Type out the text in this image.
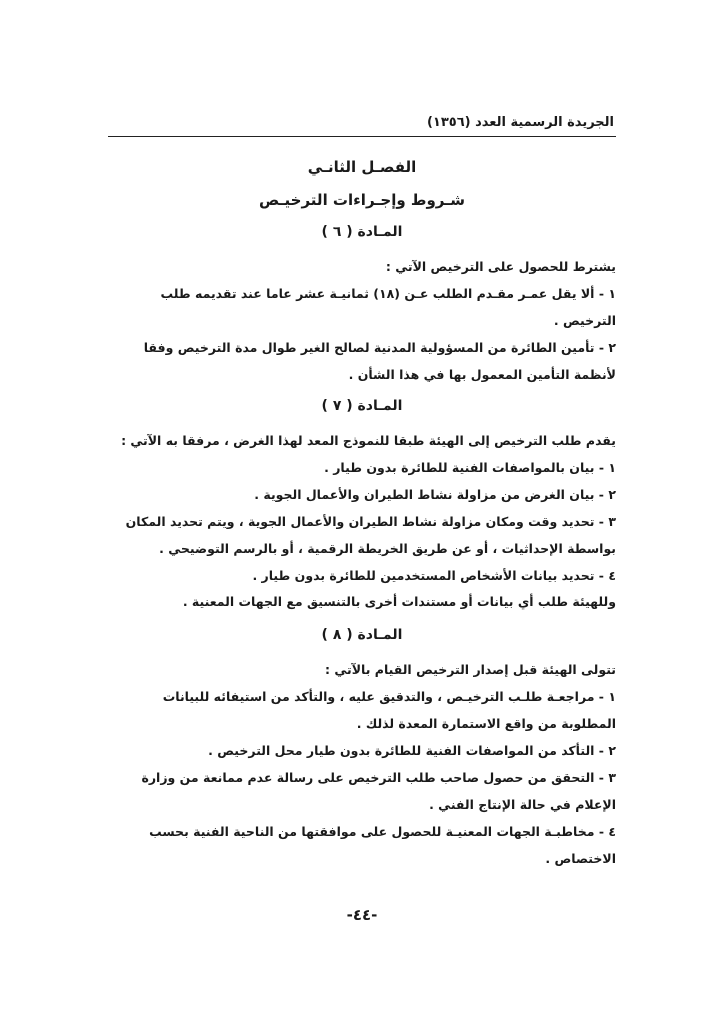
الجريدة الرسمية العدد (١٣٥٦)
الفصـل الثانـي
شـروط وإجـراءات الترخيـص
المـادة ( ٦ )
يشترط للحصول على الترخيص الآتي :
١ - ألا يقل عمـر مقـدم الطلب عـن (١٨) ثمانيـة عشر عاما عند تقديمه طلب الترخيص .
٢ - تأمين الطائرة من المسؤولية المدنية لصالح الغير طوال مدة الترخيص وفقا لأنظمة التأمين المعمول بها في هذا الشأن .
المـادة ( ٧ )
يقدم طلب الترخيص إلى الهيئة طبقا للنموذج المعد لهذا الغرض ، مرفقا به الآتي :
١ - بيان بالمواصفات الفنية للطائرة بدون طيار .
٢ - بيان الغرض من مزاولة نشاط الطيران والأعمال الجوية .
٣ - تحديد وقت ومكان مزاولة نشاط الطيران والأعمال الجوية ، ويتم تحديد المكان بواسطة الإحداثيات ، أو عن طريق الخريطة الرقمية ، أو بالرسم التوضيحي .
٤ - تحديد بيانات الأشخاص المستخدمين للطائرة بدون طيار .
وللهيئة طلب أي بيانات أو مستندات أخرى بالتنسيق مع الجهات المعنية .
المـادة ( ٨ )
تتولى الهيئة قبل إصدار الترخيص القيام بالآتي :
١ - مراجعـة طلـب الترخيـص ، والتدقيق عليه ، والتأكد من استيفائه للبيانات المطلوبة من واقع الاستمارة المعدة لذلك .
٢ - التأكد من المواصفات الفنية للطائرة بدون طيار محل الترخيص .
٣ - التحقق من حصول صاحب طلب الترخيص على رسالة عدم ممانعة من وزارة الإعلام في حالة الإنتاج الفني .
٤ - مخاطبـة الجهات المعنيـة للحصول على موافقتها من الناحية الفنية بحسب الاختصاص .
-٤٤-
